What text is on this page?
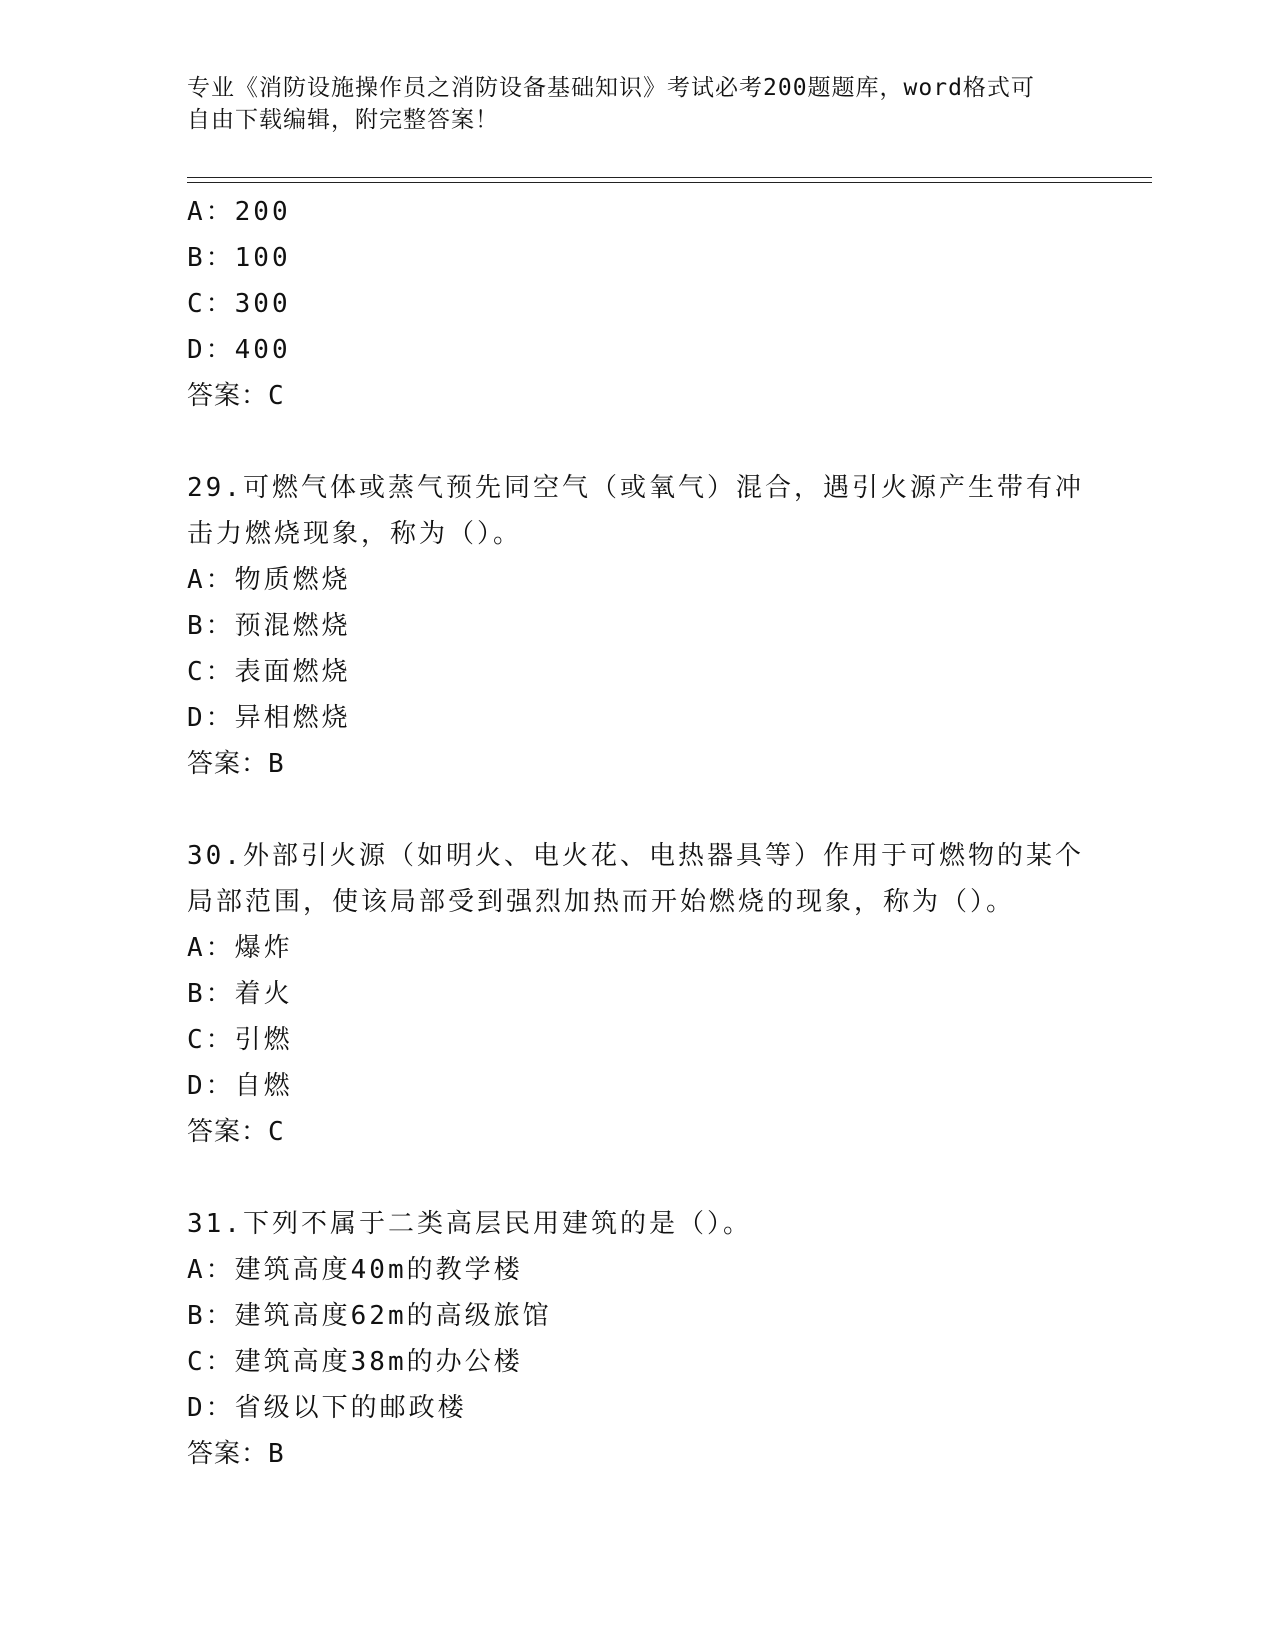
专业《消防设施操作员之消防设备基础知识》考试必考200题题库，word格式可
自由下载编辑，附完整答案！
A：200
B：100
C：300
D：400
答案：C
29.可燃气体或蒸气预先同空气（或氧气）混合，遇引火源产生带有冲
击力燃烧现象，称为（）。
A：物质燃烧
B：预混燃烧
C：表面燃烧
D：异相燃烧
答案：B
30.外部引火源（如明火、电火花、电热器具等）作用于可燃物的某个
局部范围，使该局部受到强烈加热而开始燃烧的现象，称为（）。
A：爆炸
B：着火
C：引燃
D：自燃
答案：C
31.下列不属于二类高层民用建筑的是（）。
A：建筑高度40m的教学楼
B：建筑高度62m的高级旅馆
C：建筑高度38m的办公楼
D：省级以下的邮政楼
答案：B
